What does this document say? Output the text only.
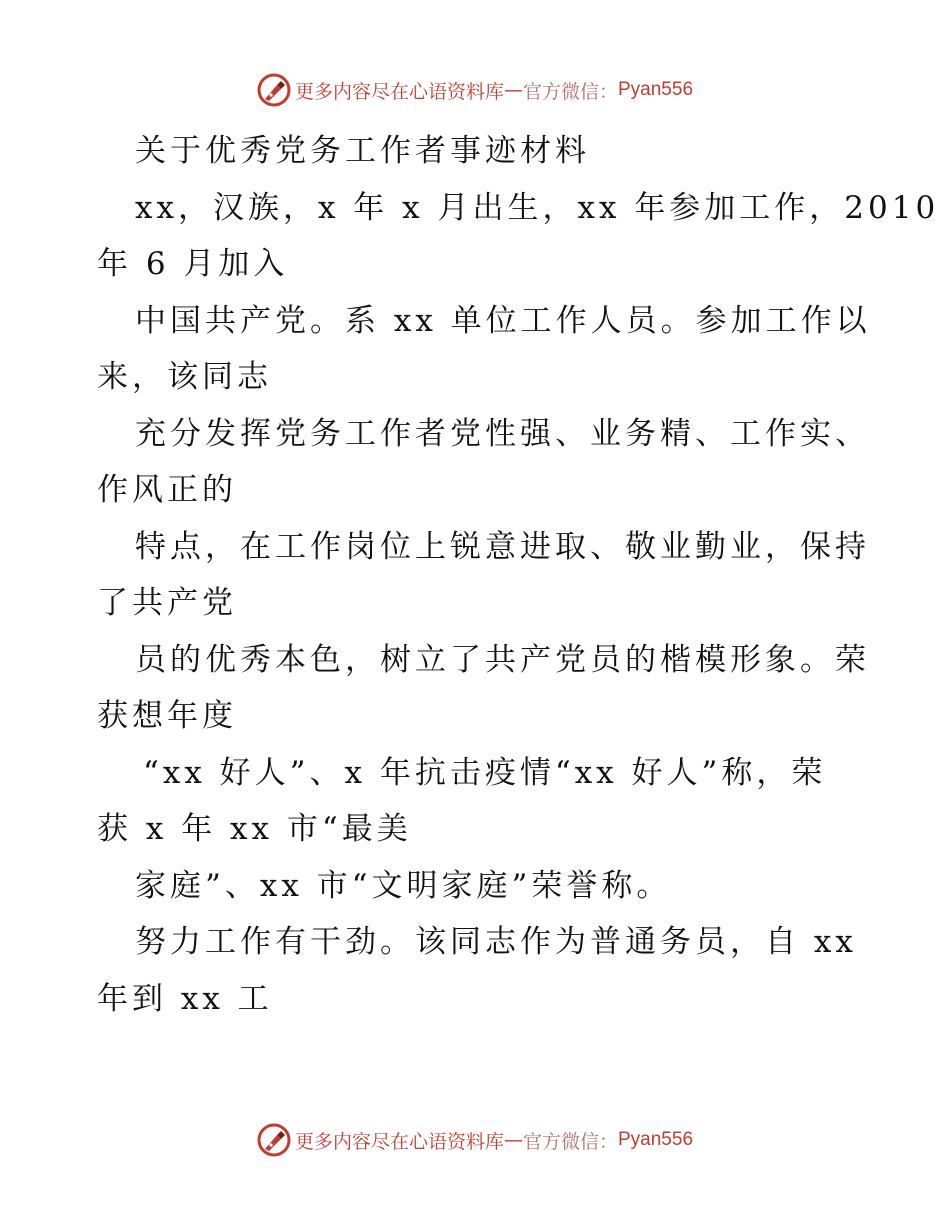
更多内容尽在心语资料库 — 官方微信： Pyan556
关于优秀党务工作者事迹材料
xx，汉族，x 年 x 月出生，xx 年参加工作，2010
年 6 月加入
中国共产党。系 xx 单位工作人员。参加工作以
来，该同志
充分发挥党务工作者党性强、业务精、工作实、
作风正的
特点，在工作岗位上锐意进取、敬业勤业，保持
了共产党
员的优秀本色，树立了共产党员的楷模形象。荣
获想年度
“xx 好人”、x 年抗击疫情“xx 好人”称，荣
获 x 年 xx 市“最美
家庭”、xx 市“文明家庭”荣誉称。
努力工作有干劲。该同志作为普通务员，自 xx
年到 xx 工
更多内容尽在心语资料库 — 官方微信： Pyan556
